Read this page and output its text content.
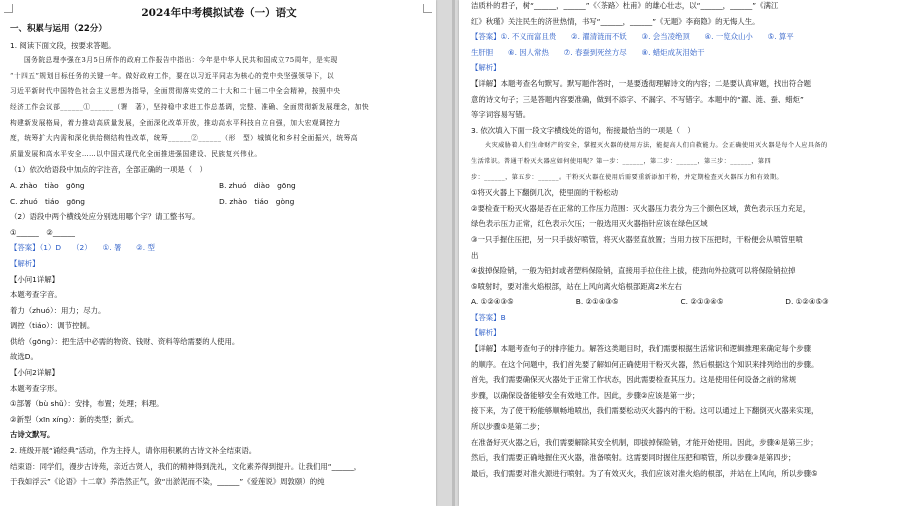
2024年中考模拟试卷（一）语文
一、积累与运用（22分）
1. 阅读下面文段，按要求答题。
国务院总理李强在3月5日所作的政府工作报告中指出：今年是中华人民共和国成立75周年，是实现
“十四五”规划目标任务的关键一年。做好政府工作，要在以习近平同志为核心的党中央坚强领导下，以
习近平新时代中国特色社会主义思想为指导，全面贯彻落实党的二十大和二十届二中全会精神，按照中央
经济工作会议部______①______（署　著），坚持稳中求进工作总基调，完整、准确、全面贯彻新发展理念，加快
构建新发展格局，着力推动高质量发展，全面深化改革开放，推动高水平科技自立自强，加大宏观调控力
度，统筹扩大内需和深化供给侧结构性改革，统筹______②______（形　型）城镇化和乡村全面振兴，统筹高
质量发展和高水平安全……以中国式现代化全面推进强国建设、民族复兴伟业。
（1）依次给语段中加点的字注音，全部正确的一项是（　）
A. zhào　tiào　gōng	B. zhuó　diào　gōng
C. zhuó　tiáo　gōng	D. zhào　tiáo　gòng
（2）语段中两个横线处应分别选用哪个字？请工整书写。
①______　②______
【答案】（1）D　　（2）　　①. 署　　②. 型
【解析】
【小问1详解】
本题考查字音。
着力（zhuó）：用力；尽力。
调控（tiáo）：调节控制。
供给（gōng）：把生活中必需的物资、钱财、资料等给需要的人使用。
故选D。
【小问2详解】
本题考查字形。
①部署（bù shǔ）：安排，布置；处理；料理。
②新型（xīn xíng）：新的类型；新式。
古诗文默写。
2. 班级开展“诵经典”活动，作为主持人，请你用积累的古诗文补全结束语。
结束语：同学们，漫步古诗苑，亲近古贤人，我们的精神得到洗礼，文化素养得到提升。让我们用“______，
于我如浮云”《论语》十二章》养浩然正气，敛“出淤泥而不染，______”《爱莲说》周敦颐）的纯
洁质朴的君子，树“______，______”《〈茶路〉杜甫》的雄心壮志，以“______，______”《满江
红》秋瑾》关注民生的济世热情，书写“______，______”《无题》李商隐》的无悔人生。
【答案】①. 不义而富且贵　　②. 濯清涟而不妖　　③. 会当凌绝顶　　④. 一览众山小　　⑤. 算平
生肝胆　　⑥. 因人常热　　⑦. 春蚕到死丝方尽　　⑧. 蜡炬成灰泪始干
【解析】
【详解】本题考查名句默写。默写题作答时，一是要透彻理解诗文的内容；二是要认真审题，找出符合题
意的诗文句子；三是答题内容要准确，做到不添字、不漏字、不写错字。本题中的“濯、涟、蚕、蜡炬”
等字词容易写错。
3. 依次填入下面一段文字横线处的语句，衔接最恰当的一项是（　）
火灾威胁着人们生命财产的安全，掌握灭火器的使用方法，能提高人们自救能力。会正确使用灭火器是每个人应具备的
生活常识。普通干粉灭火器应如何使用呢？第一步：______，第二步：______，第三步：______，第四
步：______，第五步：______。干粉灭火器在使用后需要重新添加干粉，并定期检查灭火器压力和有效期。
①将灭火器上下翻倒几次，使里面的干粉松动
②要检查干粉灭火器是否在正常的工作压力范围：灭火器压力表分为三个颜色区域，黄色表示压力充足，
绿色表示压力正常，红色表示欠压；一般选用灭火器指针应该在绿色区域
③一只手握住压把，另一只手拔好喷管，将灭火器竖直放置；当用力按下压把时，干粉便会从喷管里喷
出
④拔掉保险销，一般为铅封或者塑料保险销，直接用手拉住往上拔，使劲向外拉就可以将保险销拉掉
⑤喷射时，要对准火焰根部，站在上风向离火焰根部距离2米左右
A. ①②④③⑤	B. ②①④③⑤	C. ②①③④⑤	D. ①②④⑤③
【答案】B
【解析】
【详解】本题考查句子的排序能力。解答这类题目时，我们需要根据生活常识和逻辑推理来确定每个步骤
的顺序。在这个问题中，我们首先要了解如何正确使用干粉灭火器，然后根据这个知识来排列给出的步骤。
首先，我们需要确保灭火器处于正常工作状态，因此需要检查其压力。这是使用任何设备之前的常规
步骤，以确保设备能够安全有效地工作。因此，步骤②应该是第一步；
接下来，为了使干粉能够顺畅地喷出，我们需要松动灭火器内的干粉。这可以通过上下翻倒灭火器来实现，
所以步骤①是第二步；
在准备好灭火器之后，我们需要解除其安全机制，即拔掉保险销，才能开始使用。因此，步骤④是第三步；
然后，我们需要正确地握住灭火器，准备喷射。这需要同时握住压把和喷管，所以步骤③是第四步；
最后，我们需要对准火源进行喷射。为了有效灭火，我们应该对准火焰的根部，并站在上风向，所以步骤⑤
